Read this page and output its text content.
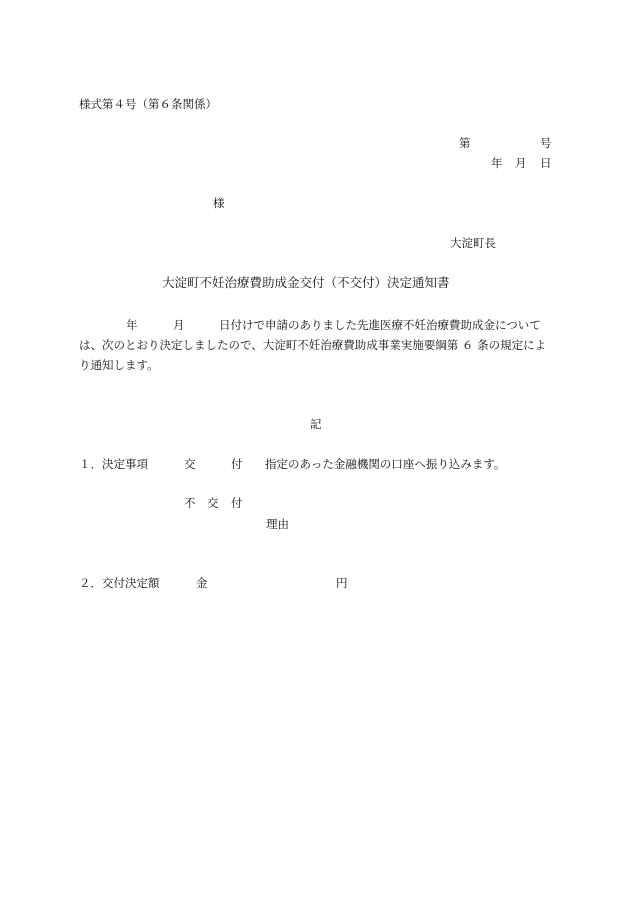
様式第４号（第６条関係）
第	号
年 月 日
様
大淀町長
大淀町不妊治療費助成金交付（不交付）決定通知書
年	月	日付けで申請のありました先進医療不妊治療費助成金について
は、次のとおり決定しましたので、大淀町不妊治療費助成事業実施要綱第 ６ 条の規定によ
り通知します。
記
１．決定事項	交	付 指定のあった金融機関の口座へ振り込みます。
不 交 付
理由
２．交付決定額	金	円
